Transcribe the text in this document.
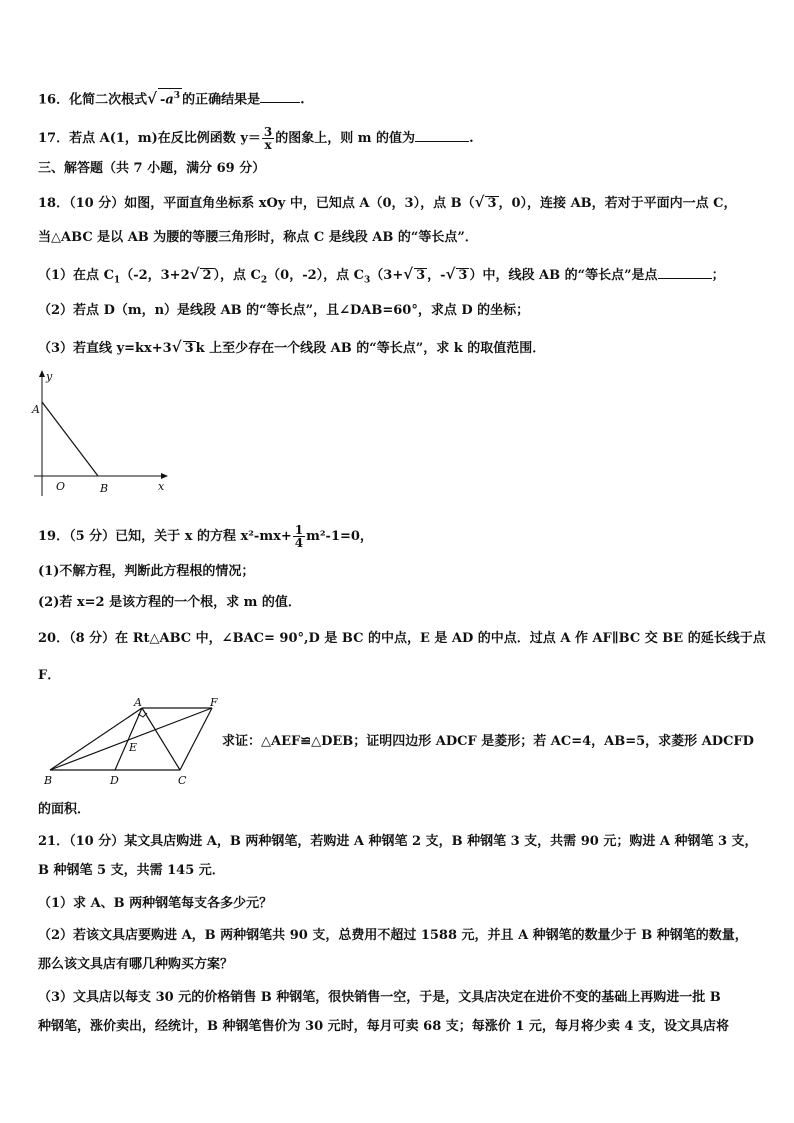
16．化简二次根式√ $-a^3$ 的正确结果是	.
17．若点 A(1，m)在反比例函数 $y= \frac{3}{x}$ 的图象上，则 m 的值为	.
三、解答题（共 7 小题，满分 69 分）
18．（10 分）如图，平面直角坐标系 xOy 中，已知点 A（0，3），点 B（√ 3 ，0），连接 AB，若对于平面内一点 C，
当△ABC 是以 AB 为腰的等腰三角形时，称点 C 是线段 AB 的“等长点”．
（1）在点 $C_1(-2$，3+2√ 2 ），点 $C_2(0$，-2），点 $C_3(3+√$ 3 ，-√ 3 ）中，线段 AB 的“等长点”是点	；
（2）若点 D（m，n）是线段 AB 的“等长点”，且∠DAB=60°，求点 D 的坐标；
（3）若直线 y=kx+3√ 3 k 上至少存在一个线段 AB 的“等长点”，求 k 的取值范围．
y
A
O	B	x
19．（5 分）已知，关于 x 的方程 $x^2-mx+ \frac{1}{4} m^2-1=0$，
(1)不解方程，判断此方程根的情况；
(2)若 x=2 是该方程的一个根，求 m 的值．
20．（8 分）在 Rt△ABC 中，∠BAC= 90°,D 是 BC 的中点，E 是 AD 的中点．过点 A 作 AF∥BC 交 BE 的延长线于点
F．
A	F
E
B	D	C
求证：△AEF≌△DEB；证明四边形 ADCF 是菱形；若 AC=4，AB=5，求菱形 ADCFD
的面积．
21．（10 分）某文具店购进 A，B 两种钢笔，若购进 A 种钢笔 2 支，B 种钢笔 3 支，共需 90 元；购进 A 种钢笔 3 支，
B 种钢笔 5 支，共需 145 元．
（1）求 A、B 两种钢笔每支各多少元？
（2）若该文具店要购进 A，B 两种钢笔共 90 支，总费用不超过 1588 元，并且 A 种钢笔的数量少于 B 种钢笔的数量，
那么该文具店有哪几种购买方案？
（3）文具店以每支 30 元的价格销售 B 种钢笔，很快销售一空，于是，文具店决定在进价不变的基础上再购进一批 B
种钢笔，涨价卖出，经统计，B 种钢笔售价为 30 元时，每月可卖 68 支；每涨价 1 元，每月将少卖 4 支，设文具店将
